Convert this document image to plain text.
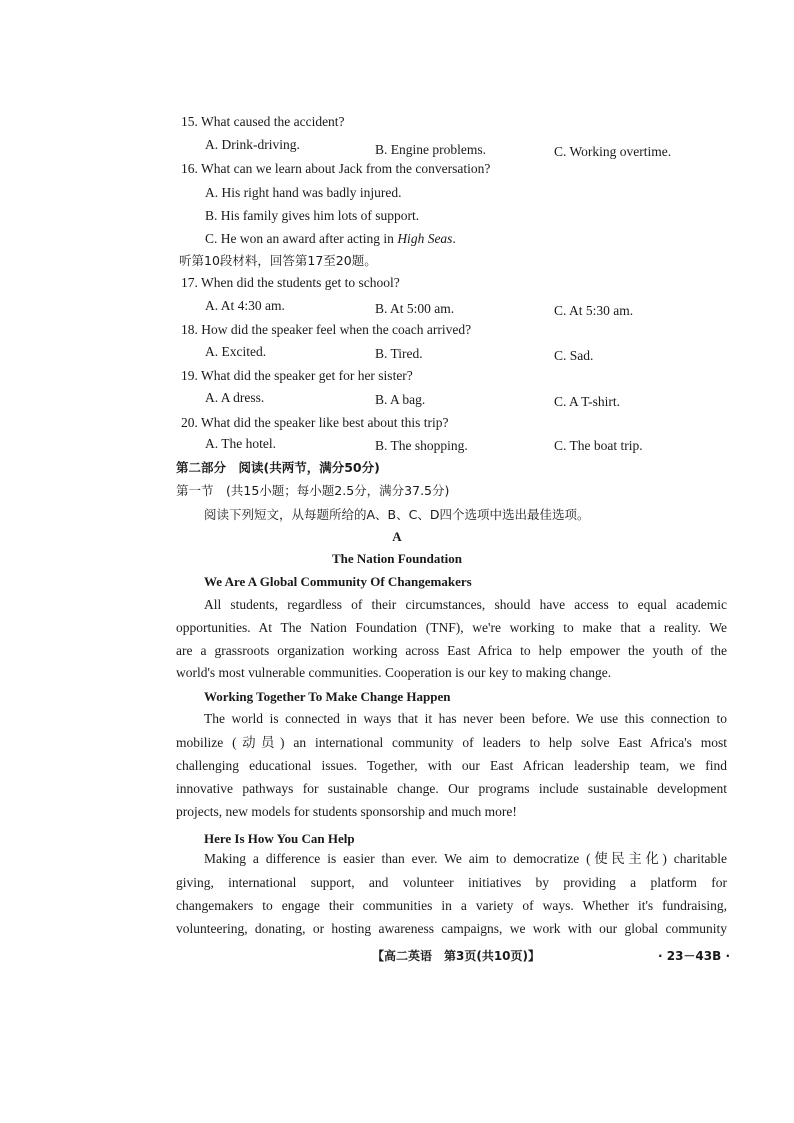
15. What caused the accident?
A. Drink-driving.	B. Engine problems.	C. Working overtime.
16. What can we learn about Jack from the conversation?
A. His right hand was badly injured.
B. His family gives him lots of support.
C. He won an award after acting in High Seas.
听第10段材料，回答第17至20题。
17. When did the students get to school?
A. At 4:30 am.	B. At 5:00 am.	C. At 5:30 am.
18. How did the speaker feel when the coach arrived?
A. Excited.	B. Tired.	C. Sad.
19. What did the speaker get for her sister?
A. A dress.	B. A bag.	C. A T-shirt.
20. What did the speaker like best about this trip?
A. The hotel.	B. The shopping.	C. The boat trip.
第二部分　阅读(共两节，满分50分)
第一节　(共15小题；每小题2.5分，满分37.5分)
阅读下列短文，从每题所给的A、B、C、D四个选项中选出最佳选项。
A
The Nation Foundation
We Are A Global Community Of Changemakers
All students, regardless of their circumstances, should have access to equal academic
opportunities. At The Nation Foundation (TNF), we're working to make that a reality. We
are a grassroots organization working across East Africa to help empower the youth of the
world's most vulnerable communities. Cooperation is our key to making change.
Working Together To Make Change Happen
The world is connected in ways that it has never been before. We use this connection to
mobilize (动员) an international community of leaders to help solve East Africa's most
challenging educational issues. Together, with our East African leadership team, we find
innovative pathways for sustainable change. Our programs include sustainable development
projects, new models for students sponsorship and much more!
Here Is How You Can Help
Making a difference is easier than ever. We aim to democratize (使民主化) charitable
giving, international support, and volunteer initiatives by providing a platform for
changemakers to engage their communities in a variety of ways. Whether it's fundraising,
volunteering, donating, or hosting awareness campaigns, we work with our global community
【高二英语　第3页(共10页)】	· 23－43B ·
